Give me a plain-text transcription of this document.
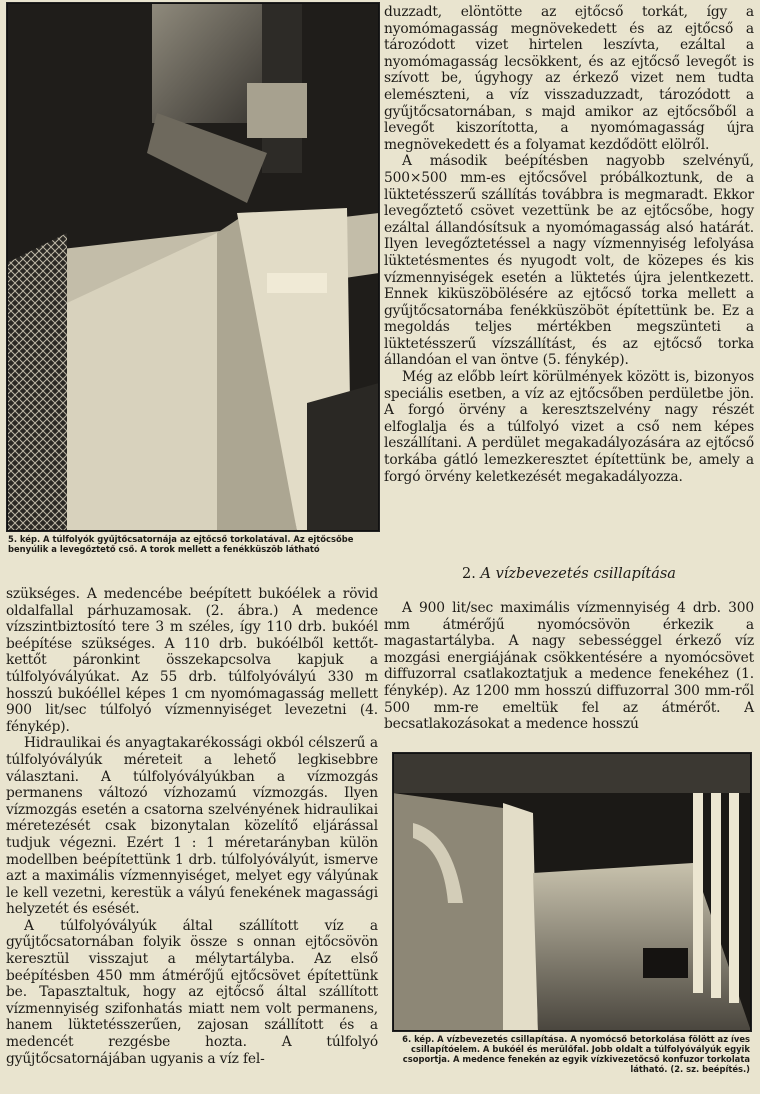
5. kép. A túlfolyók gyűjtőcsatornája az ejtőcső torkolatával. Az ejtőcsőbe benyúlik a levegőztető cső. A torok mellett a fenékküszöb látható

szükséges. A medencébe beépített bukóélek a rövid oldalfallal párhuzamosak. (2. ábra.) A medence vízszintbiztosító tere 3 m széles, így 110 drb. bukóél beépítése szükséges. A 110 drb. bukóélből kettőt-kettőt páronkint összekapcsolva kapjuk a túlfolyóvályúkat. Az 55 drb. túlfolyóvályú 330 m hosszú bukóéllel képes 1 cm nyomómagasság mellett 900 lit/sec túlfolyó vízmennyiséget levezetni (4. fénykép).

Hidraulikai és anyagtakarékossági okból célszerű a túlfolyóvályúk méreteit a lehető legkisebbre választani. A túlfolyóvályúkban a vízmozgás permanens változó vízhozamú vízmozgás. Ilyen vízmozgás esetén a csatorna szelvényének hidraulikai méretezését csak bizonytalan közelítő eljárással tudjuk végezni. Ezért 1 : 1 méretarányban külön modellben beépítettünk 1 drb. túlfolyóvályút, ismerve azt a maximális vízmennyiséget, melyet egy vályúnak le kell vezetni, kerestük a vályú fenekének magassági helyzetét és esését.

A túlfolyóvályúk által szállított víz a gyűjtőcsatornában folyik össze s onnan ejtőcsövön keresztül visszajut a mélytartályba. Az első beépítésben 450 mm átmérőjű ejtőcsövet építettünk be. Tapasztaltuk, hogy az ejtőcső által szállított vízmennyiség szifonhatás miatt nem volt permanens, hanem lüktetésszerűen, zajosan szállított és a medencét rezgésbe hozta. A túlfolyó gyűjtőcsatornájában ugyanis a víz fel-

duzzadt, elöntötte az ejtőcső torkát, így a nyomómagasság megnövekedett és az ejtőcső a tározódott vizet hirtelen leszívta, ezáltal a nyomómagasság lecsökkent, és az ejtőcső levegőt is szívott be, úgyhogy az érkező vizet nem tudta elemészteni, a víz visszaduzzadt, tározódott a gyűjtőcsatornában, s majd amikor az ejtőcsőből a levegőt kiszorította, a nyomómagasság újra megnövekedett és a folyamat kezdődött elölről.

A második beépítésben nagyobb szelvényű, 500×500 mm-es ejtőcsővel próbálkoztunk, de a lüktetésszerű szállítás továbbra is megmaradt. Ekkor levegőztető csövet vezettünk be az ejtőcsőbe, hogy ezáltal állandósítsuk a nyomómagasság alsó határát. Ilyen levegőztetéssel a nagy vízmennyiség lefolyása lüktetésmentes és nyugodt volt, de közepes és kis vízmennyiségek esetén a lüktetés újra jelentkezett. Ennek kiküszöbölésére az ejtőcső torka mellett a gyűjtőcsatornába fenékküszöböt építettünk be. Ez a megoldás teljes mértékben megszünteti a lüktetésszerű vízszállítást, és az ejtőcső torka állandóan el van öntve (5. fénykép).

Még az előbb leírt körülmények között is, bizonyos speciális esetben, a víz az ejtőcsőben perdületbe jön. A forgó örvény a keresztszelvény nagy részét elfoglalja és a túlfolyó vizet a cső nem képes leszállítani. A perdület megakadályozására az ejtőcső torkába gátló lemezkeresztet építettünk be, amely a forgó örvény keletkezését megakadályozza.

2. A vízbevezetés csillapítása

A 900 lit/sec maximális vízmennyiség 4 drb. 300 mm átmérőjű nyomócsövön érkezik a magastartályba. A nagy sebességgel érkező víz mozgási energiájának csökkentésére a nyomócsövet diffuzorral csatlakoztatjuk a medence fenekéhez (1. fénykép). Az 1200 mm hosszú diffuzorral 300 mm-ről 500 mm-re emeltük fel az átmérőt. A becsatlakozásokat a medence hosszú

6. kép. A vízbevezetés csillapítása. A nyomócső betorkolása fölött az íves csillapítóelem. A bukóél és merülőfal. Jobb oldalt a túlfolyóvályúk egyik csoportja. A medence fenekén az egyik vízkivezetőcső konfuzor torkolata látható. (2. sz. beépítés.)
